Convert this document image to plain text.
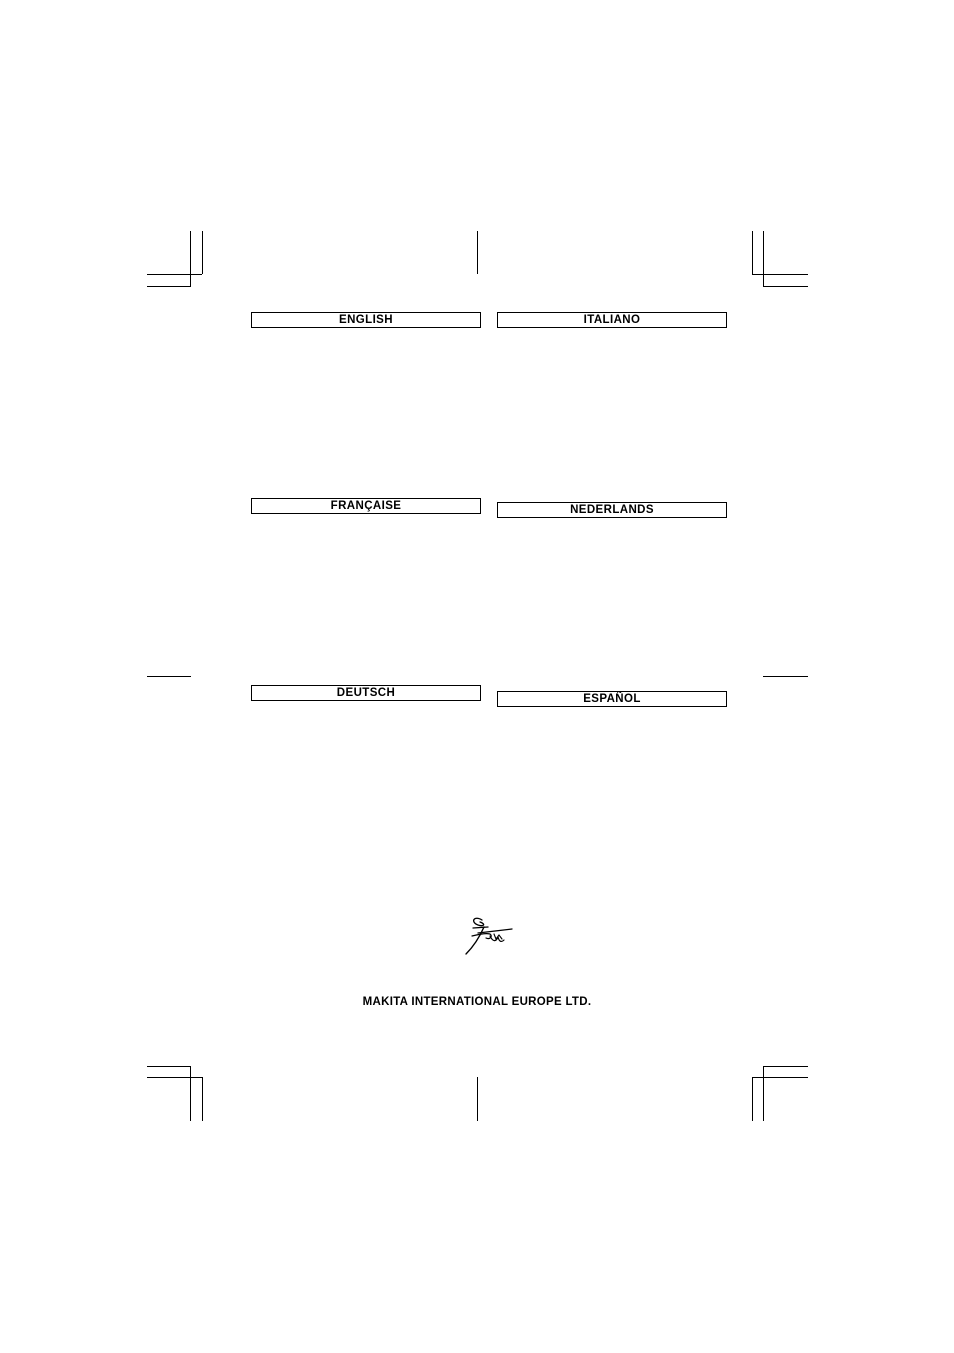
ENGLISH	ITALIANO
FRANÇAISE	NEDERLANDS
DEUTSCH	ESPAÑOL
MAKITA INTERNATIONAL EUROPE LTD.
